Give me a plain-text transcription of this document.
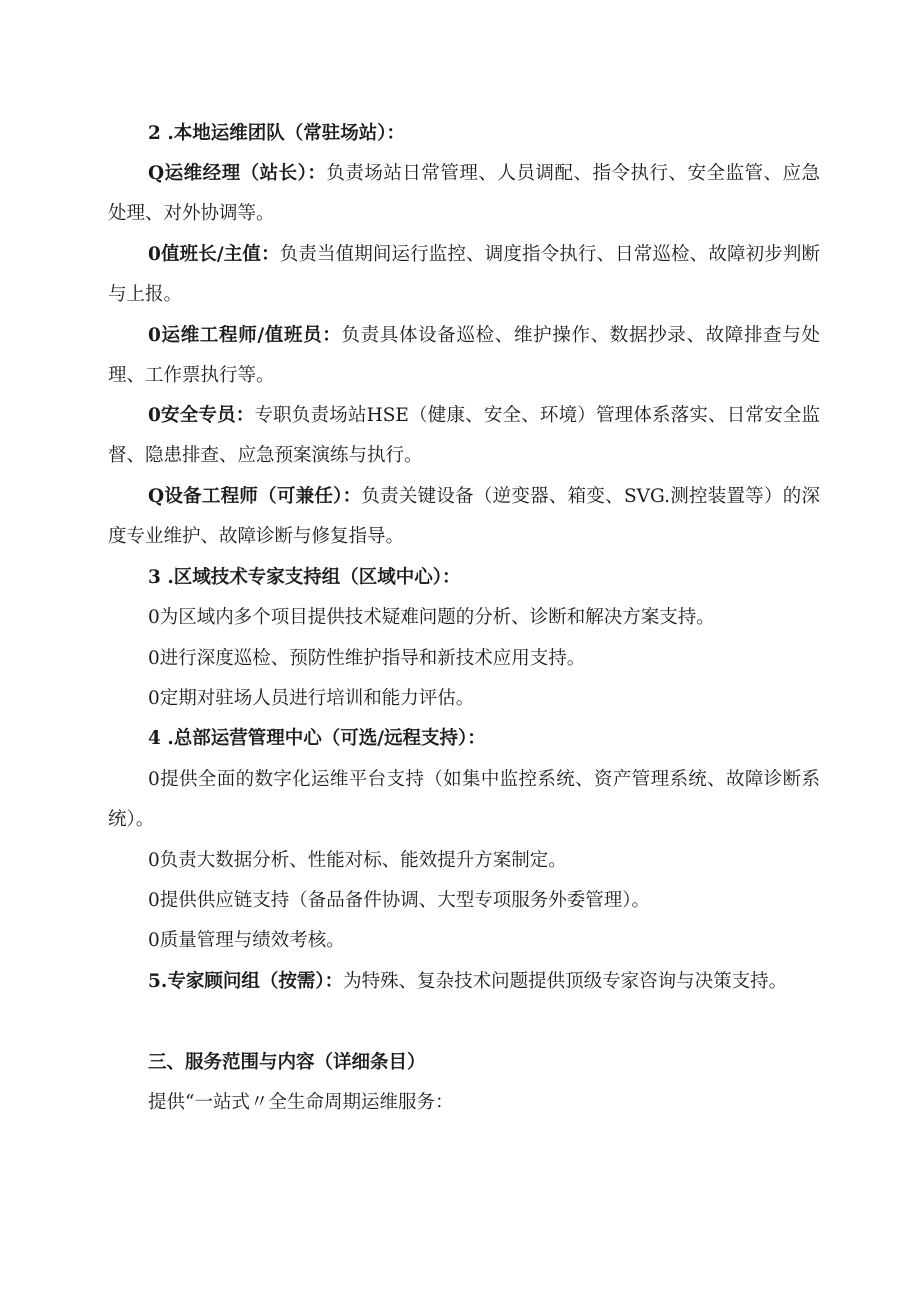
2 .本地运维团队（常驻场站）：

Q运维经理（站长）：负责场站日常管理、人员调配、指令执行、安全监管、应急处理、对外协调等。

0值班长/主值：负责当值期间运行监控、调度指令执行、日常巡检、故障初步判断与上报。

0运维工程师/值班员：负责具体设备巡检、维护操作、数据抄录、故障排查与处理、工作票执行等。

0安全专员：专职负责场站HSE（健康、安全、环境）管理体系落实、日常安全监督、隐患排查、应急预案演练与执行。

Q设备工程师（可兼任）：负责关键设备（逆变器、箱变、SVG.测控装置等）的深度专业维护、故障诊断与修复指导。

3 .区域技术专家支持组（区域中心）：

0为区域内多个项目提供技术疑难问题的分析、诊断和解决方案支持。

0进行深度巡检、预防性维护指导和新技术应用支持。

0定期对驻场人员进行培训和能力评估。

4 .总部运营管理中心（可选/远程支持）：

0提供全面的数字化运维平台支持（如集中监控系统、资产管理系统、故障诊断系统）。

0负责大数据分析、性能对标、能效提升方案制定。

0提供供应链支持（备品备件协调、大型专项服务外委管理）。

0质量管理与绩效考核。

5.专家顾问组（按需）：为特殊、复杂技术问题提供顶级专家咨询与决策支持。

三、服务范围与内容（详细条目）

提供“一站式〃全生命周期运维服务：
